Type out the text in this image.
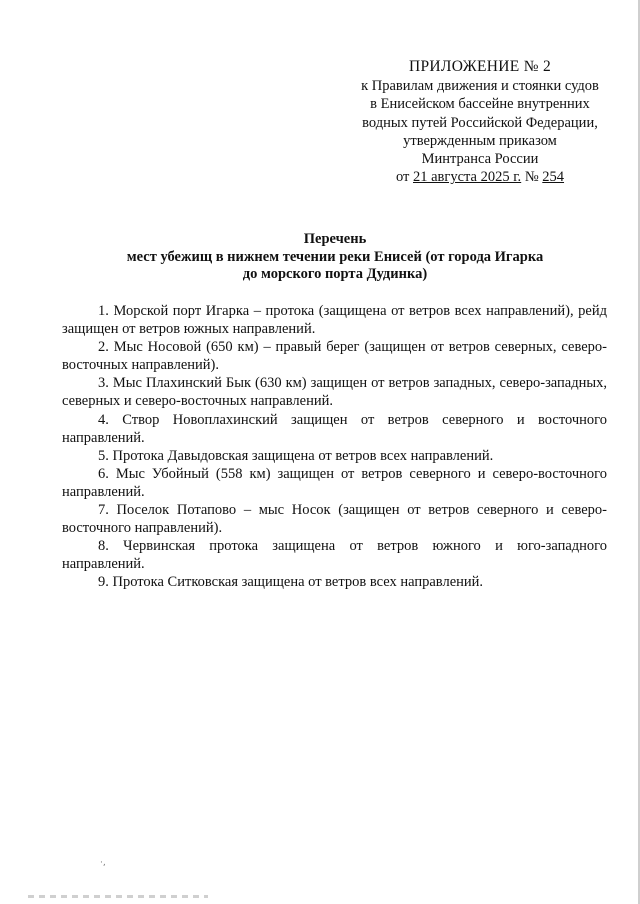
ПРИЛОЖЕНИЕ № 2
к Правилам движения и стоянки судов
в Енисейском бассейне внутренних
водных путей Российской Федерации,
утвержденным приказом
Минтранса России
от 21 августа 2025 г. № 254
Перечень
мест убежищ в нижнем течении реки Енисей (от города Игарка
до морского порта Дудинка)

1. Морской порт Игарка – протока (защищена от ветров всех направлений), рейд защищен от ветров южных направлений.

2. Мыс Носовой (650 км) – правый берег (защищен от ветров северных, северо-восточных направлений).

3. Мыс Плахинский Бык (630 км) защищен от ветров западных, северо-западных, северных и северо-восточных направлений.

4. Створ Новоплахинский защищен от ветров северного и восточного направлений.

5. Протока Давыдовская защищена от ветров всех направлений.

6. Мыс Убойный (558 км) защищен от ветров северного и северо-восточного направлений.

7. Поселок Потапово – мыс Носок (защищен от ветров северного и северо-восточного направлений).

8. Червинская протока защищена от ветров южного и юго-западного направлений.

9. Протока Ситковская защищена от ветров всех направлений.

·,
